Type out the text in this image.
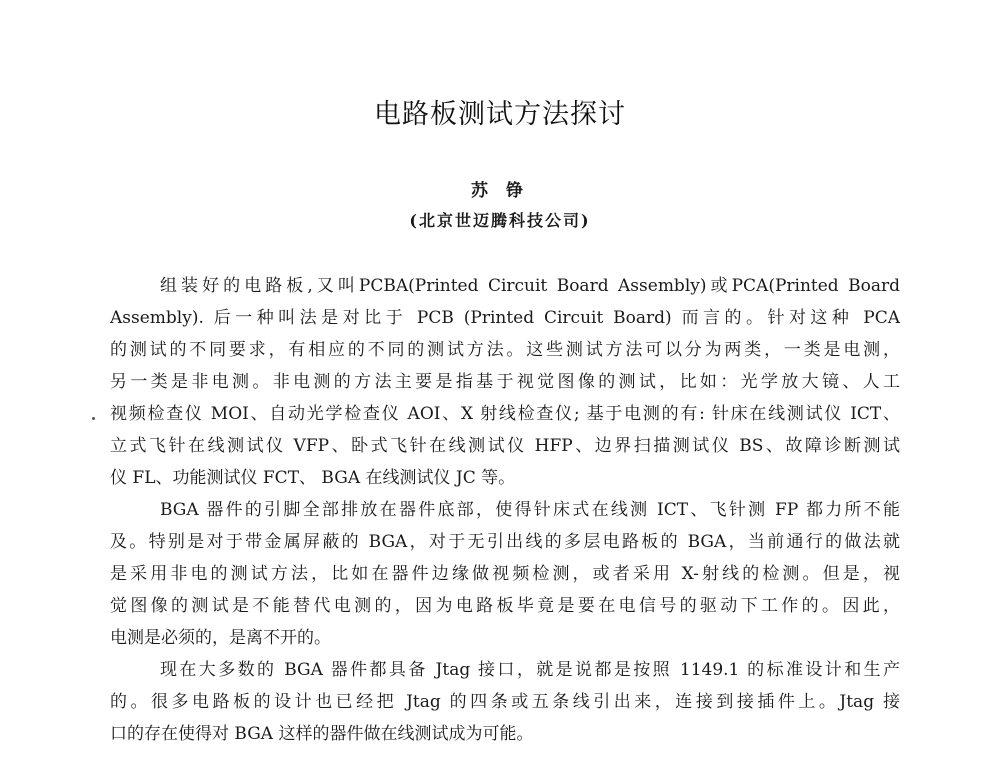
电路板测试方法探讨
苏 铮
(北京世迈腾科技公司)
组装好的电路板,又叫PCBA(Printed Circuit Board Assembly)或PCA(Printed Board
Assembly). 后一种叫法是对比于 PCB (Printed Circuit Board) 而言的。针对这种 PCA
的测试的不同要求，有相应的不同的测试方法。这些测试方法可以分为两类，一类是电测，
另一类是非电测。非电测的方法主要是指基于视觉图像的测试，比如：光学放大镜、人工
视频检查仪 MOI、自动光学检查仪 AOI、X 射线检查仪; 基于电测的有: 针床在线测试仪 ICT、
立式飞针在线测试仪 VFP、卧式飞针在线测试仪 HFP、边界扫描测试仪 BS、故障诊断测试
仪 FL、功能测试仪 FCT、 BGA 在线测试仪 JC 等。
BGA 器件的引脚全部排放在器件底部，使得针床式在线测 ICT、飞针测 FP 都力所不能
及。特别是对于带金属屏蔽的 BGA，对于无引出线的多层电路板的 BGA，当前通行的做法就
是采用非电的测试方法，比如在器件边缘做视频检测，或者采用 X-射线的检测。但是，视
觉图像的测试是不能替代电测的，因为电路板毕竟是要在电信号的驱动下工作的。因此，
电测是必须的，是离不开的。
现在大多数的 BGA 器件都具备 Jtag 接口，就是说都是按照 1149.1 的标准设计和生产
的。很多电路板的设计也已经把 Jtag 的四条或五条线引出来，连接到接插件上。Jtag 接
口的存在使得对 BGA 这样的器件做在线测试成为可能。
